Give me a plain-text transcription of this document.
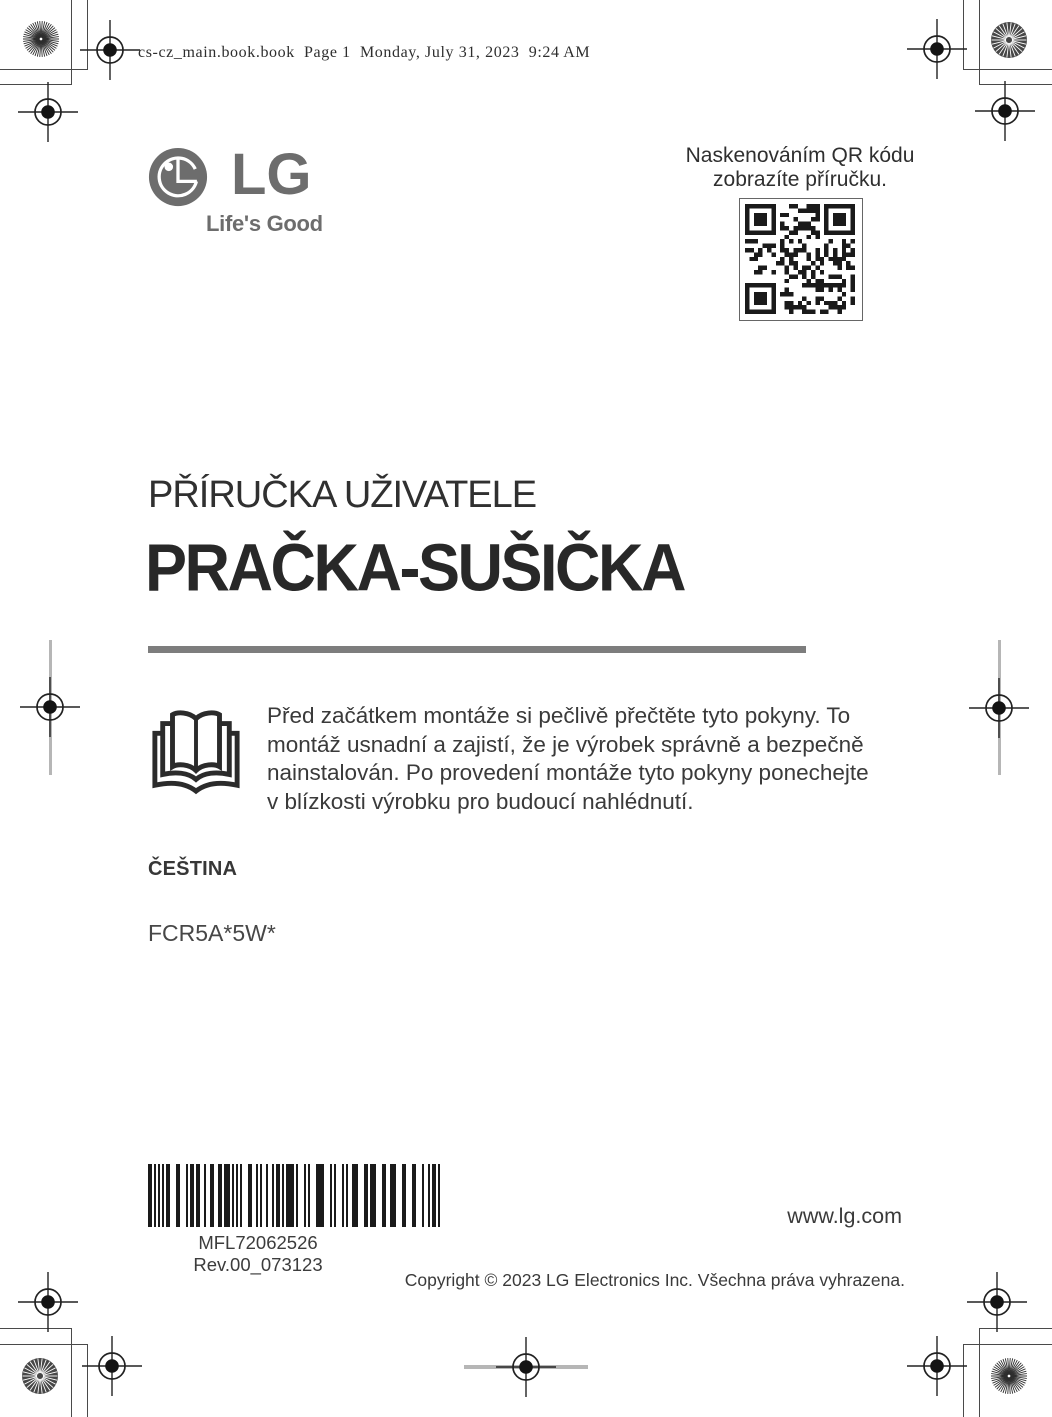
cs-cz_main.book.book  Page 1  Monday, July 31, 2023  9:24 AM
LG
Life's Good
Naskenováním QR kódu
zobrazíte příručku.
PŘÍRUČKA UŽIVATELE
PRAČKA-SUŠIČKA
Před začátkem montáže si pečlivě přečtěte tyto pokyny. To
montáž usnadní a zajistí, že je výrobek správně a bezpečně
nainstalován. Po provedení montáže tyto pokyny ponechejte
v blízkosti výrobku pro budoucí nahlédnutí.
ČEŠTINA
FCR5A*5W*
MFL72062526
Rev.00_073123
www.lg.com
Copyright © 2023 LG Electronics Inc. Všechna práva vyhrazena.
